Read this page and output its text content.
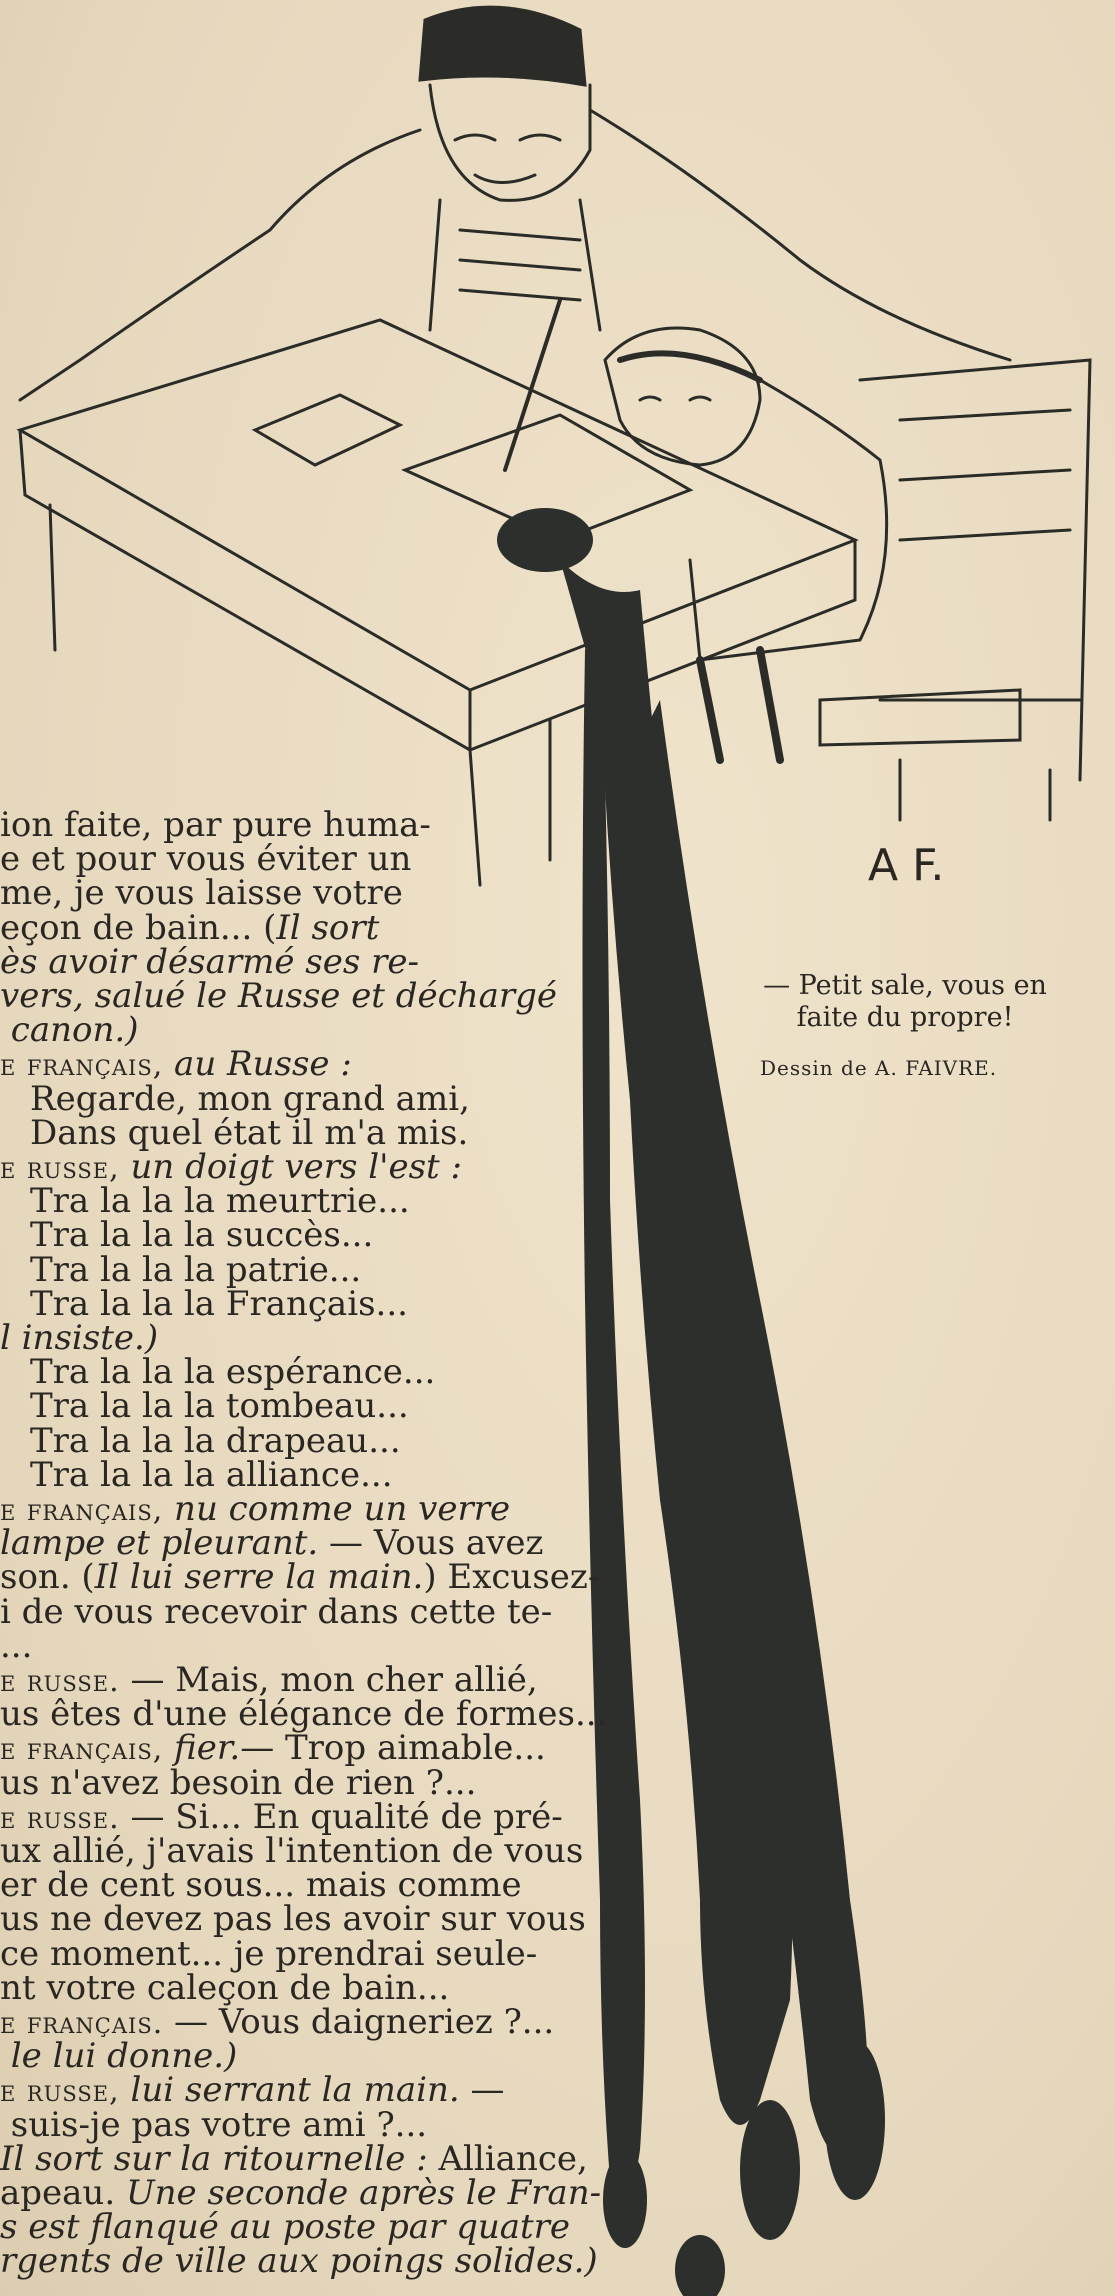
A F.
— Petit sale, vous en
faite du propre!
Dessin de A. FAIVRE.
ion faite, par pure huma-
e et pour vous éviter un
me, je vous laisse votre
eçon de bain... (Il sort
ès avoir désarmé ses re-
vers, salué le Russe et déchargé
canon.)
e français, au Russe :
Regarde, mon grand ami,
Dans quel état il m'a mis.
e russe, un doigt vers l'est :
Tra la la la meurtrie...
Tra la la la succès...
Tra la la la patrie...
Tra la la la Français...
l insiste.)
Tra la la la espérance...
Tra la la la tombeau...
Tra la la la drapeau...
Tra la la la alliance...
e français, nu comme un verre
lampe et pleurant. — Vous avez
son. (Il lui serre la main.) Excusez-
i de vous recevoir dans cette te-
...
e russe. — Mais, mon cher allié,
us êtes d'une élégance de formes...
e français, fier.— Trop aimable...
us n'avez besoin de rien ?...
e russe. — Si... En qualité de pré-
ux allié, j'avais l'intention de vous
er de cent sous... mais comme
us ne devez pas les avoir sur vous
ce moment... je prendrai seule-
nt votre caleçon de bain...
e français. — Vous daigneriez ?...
le lui donne.)
e russe, lui serrant la main. —
suis-je pas votre ami ?...
Il sort sur la ritournelle : Alliance,
apeau. Une seconde après le Fran-
s est flanqué au poste par quatre
rgents de ville aux poings solides.)
